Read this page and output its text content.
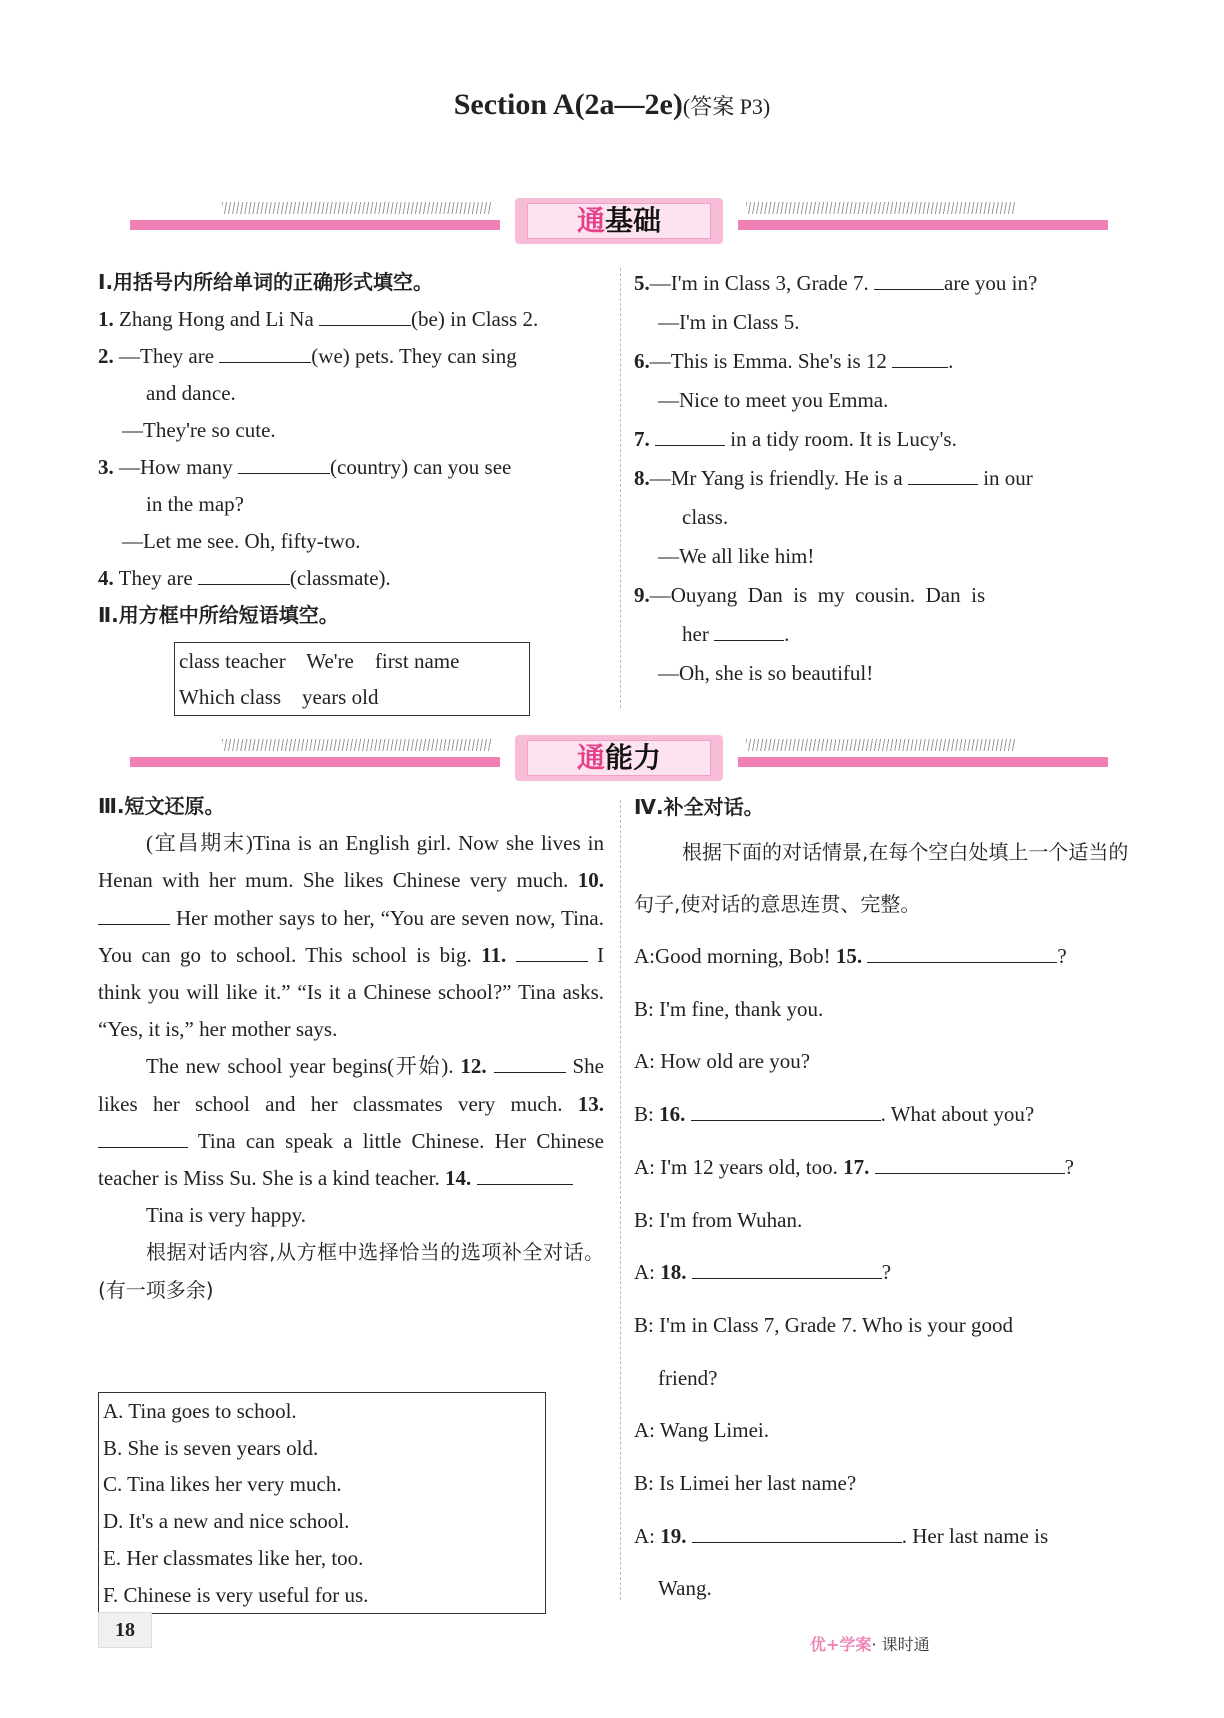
Section A(2a—2e)(答案 P3)
通基础

Ⅰ.用括号内所给单词的正确形式填空。

1. Zhang Hong and Li Na	(be) in Class 2.

2. —They are	(we) pets. They can sing

and dance.

—They're so cute.

3. —How many	(country) can you see

in the map?

—Let me see. Oh, fifty-two.

4. They are	(classmate).

Ⅱ.用方框中所给短语填空。

class teacher    We're    first name
Which class    years old

5.—I'm in Class 3, Grade 7.	are you in?

—I'm in Class 5.

6.—This is Emma. She's is 12	.

—Nice to meet you Emma.

7.	in a tidy room. It is Lucy's.

8.—Mr Yang is friendly. He is a	in our

class.

—We all like him!

9.—Ouyang  Dan  is  my  cousin.  Dan  is

her	.

—Oh, she is so beautiful!

通能力

Ⅲ.短文还原。

(宜昌期末)Tina is an English girl. Now she lives in Henan with her mum. She likes Chinese very much. 10.  Her mother says to her, “You are seven now, Tina. You can go to school. This school is big. 11.	I think you will like it.” “Is it a Chinese school?” Tina asks. “Yes, it is,” her mother says.

The new school year begins(开始). 12.	She likes her school and her classmates very much. 13.  Tina can speak a little Chinese. Her Chinese teacher is Miss Su. She is a kind teacher. 14.

Tina is very happy.

根据对话内容,从方框中选择恰当的选项补全对话。(有一项多余)

A. Tina goes to school.
B. She is seven years old.
C. Tina likes her very much.
D. It's a new and nice school.
E. Her classmates like her, too.
F. Chinese is very useful for us.

Ⅳ.补全对话。

根据下面的对话情景,在每个空白处填上一个适当的句子,使对话的意思连贯、完整。

A:Good morning, Bob! 15.	?

B: I'm fine, thank you.

A: How old are you?

B: 16.	. What about you?

A: I'm 12 years old, too. 17.	?

B: I'm from Wuhan.

A: 18.	?

B: I'm in Class 7, Grade 7. Who is your good

friend?

A: Wang Limei.

B: Is Limei her last name?

A: 19.	. Her last name is

Wang.

18
优+学案· 课时通
